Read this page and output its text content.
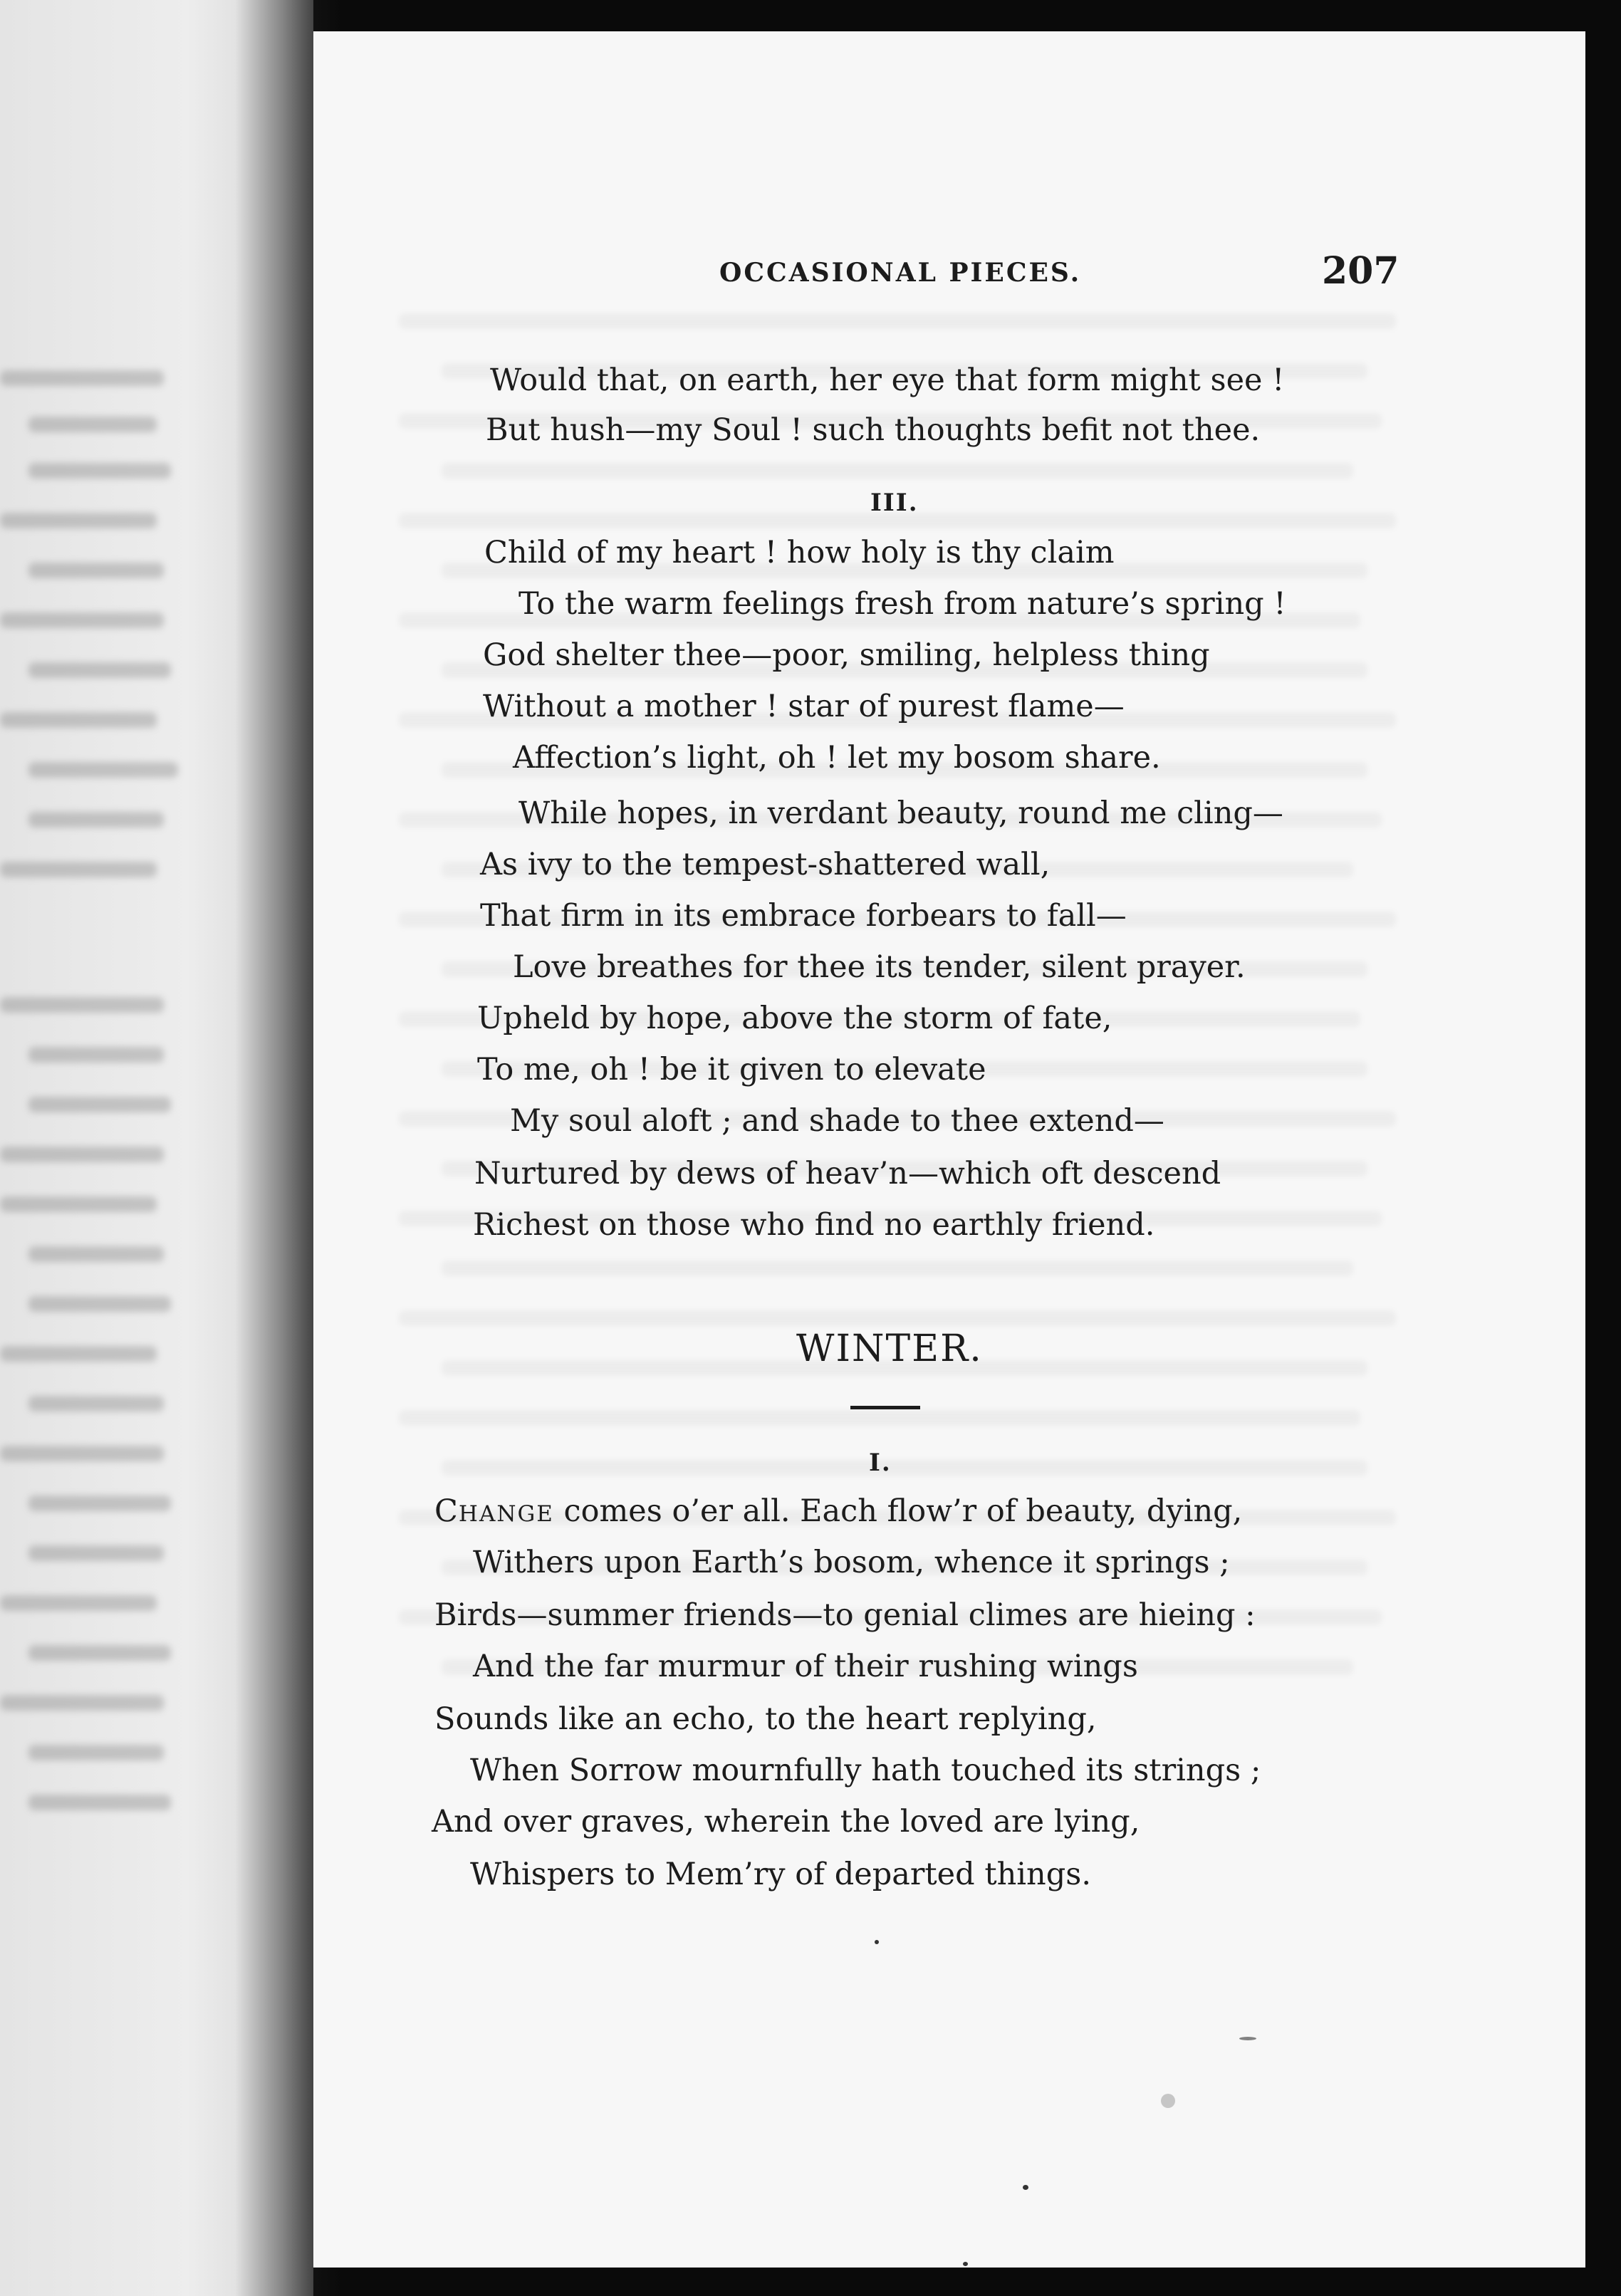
OCCASIONAL PIECES.	207
Would that, on earth, her eye that form might see !
But hush—my Soul ! such thoughts befit not thee.
III.
Child of my heart ! how holy is thy claim
To the warm feelings fresh from nature’s spring !
God shelter thee—poor, smiling, helpless thing
Without a mother ! star of purest flame—
Affection’s light, oh ! let my bosom share.
While hopes, in verdant beauty, round me cling—
As ivy to the tempest-shattered wall,
That firm in its embrace forbears to fall—
Love breathes for thee its tender, silent prayer.
Upheld by hope, above the storm of fate,
To me, oh ! be it given to elevate
My soul aloft ; and shade to thee extend—
Nurtured by dews of heav’n—which oft descend
Richest on those who find no earthly friend.
WINTER.
I.
CHANGE comes o’er all. Each flow’r of beauty, dying,
Withers upon Earth’s bosom, whence it springs ;
Birds—summer friends—to genial climes are hieing :
And the far murmur of their rushing wings
Sounds like an echo, to the heart replying,
When Sorrow mournfully hath touched its strings ;
And over graves, wherein the loved are lying,
Whispers to Mem’ry of departed things.
